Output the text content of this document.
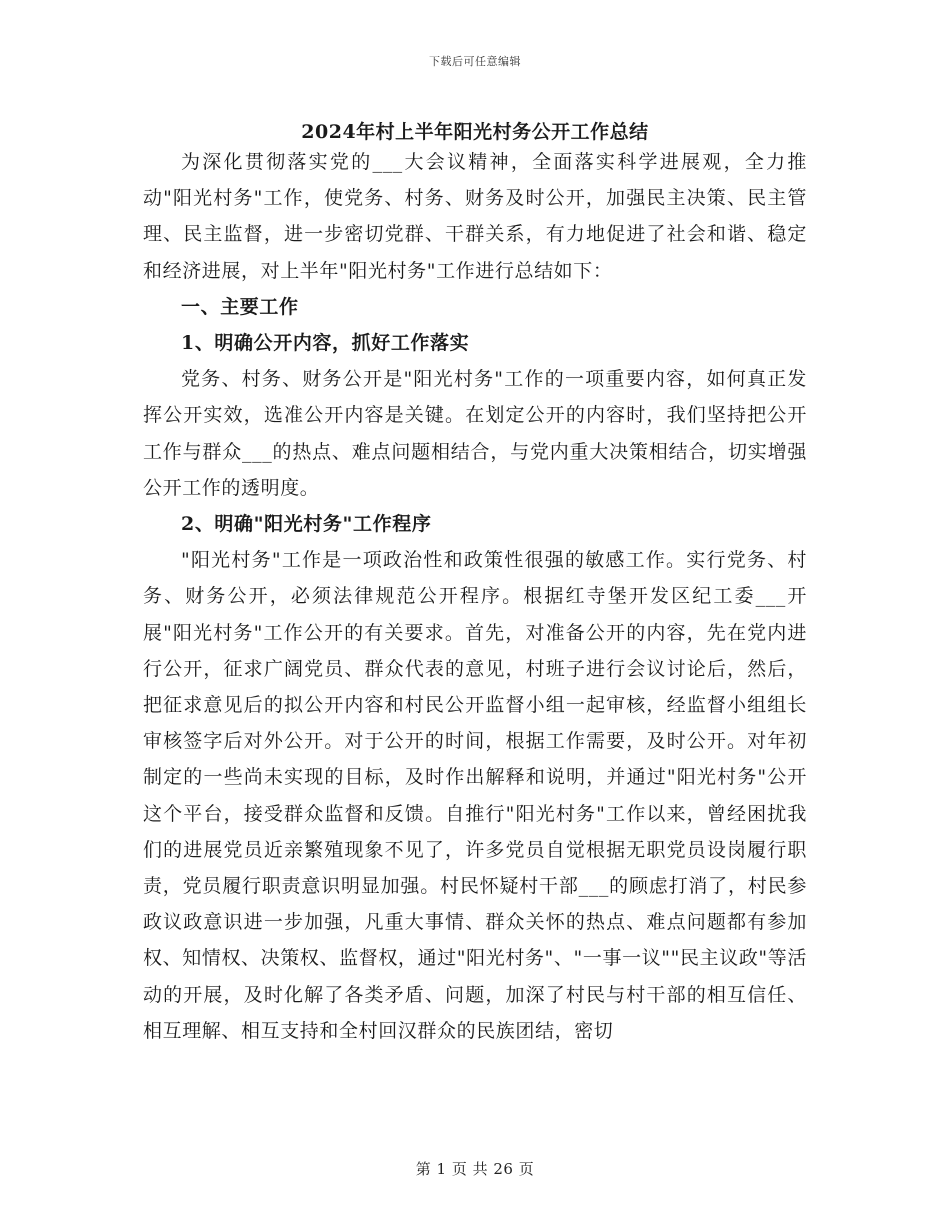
下载后可任意编辑
2024年村上半年阳光村务公开工作总结

为深化贯彻落实党的___大会议精神，全面落实科学进展观，全力推动"阳光村务"工作，使党务、村务、财务及时公开，加强民主决策、民主管理、民主监督，进一步密切党群、干群关系，有力地促进了社会和谐、稳定和经济进展，对上半年"阳光村务"工作进行总结如下：

一、主要工作

1、明确公开内容，抓好工作落实

党务、村务、财务公开是"阳光村务"工作的一项重要内容，如何真正发挥公开实效，选准公开内容是关键。在划定公开的内容时，我们坚持把公开工作与群众___的热点、难点问题相结合，与党内重大决策相结合，切实增强公开工作的透明度。

2、明确"阳光村务"工作程序

"阳光村务"工作是一项政治性和政策性很强的敏感工作。实行党务、村务、财务公开，必须法律规范公开程序。根据红寺堡开发区纪工委___开展"阳光村务"工作公开的有关要求。首先，对准备公开的内容，先在党内进行公开，征求广阔党员、群众代表的意见，村班子进行会议讨论后，然后，把征求意见后的拟公开内容和村民公开监督小组一起审核，经监督小组组长审核签字后对外公开。对于公开的时间，根据工作需要，及时公开。对年初制定的一些尚未实现的目标，及时作出解释和说明，并通过"阳光村务"公开这个平台，接受群众监督和反馈。自推行"阳光村务"工作以来，曾经困扰我们的进展党员近亲繁殖现象不见了，许多党员自觉根据无职党员设岗履行职责，党员履行职责意识明显加强。村民怀疑村干部___的顾虑打消了，村民参政议政意识进一步加强，凡重大事情、群众关怀的热点、难点问题都有参加权、知情权、决策权、监督权，通过"阳光村务"、"一事一议""民主议政"等活动的开展，及时化解了各类矛盾、问题，加深了村民与村干部的相互信任、相互理解、相互支持和全村回汉群众的民族团结，密切

第 1 页 共 26 页
